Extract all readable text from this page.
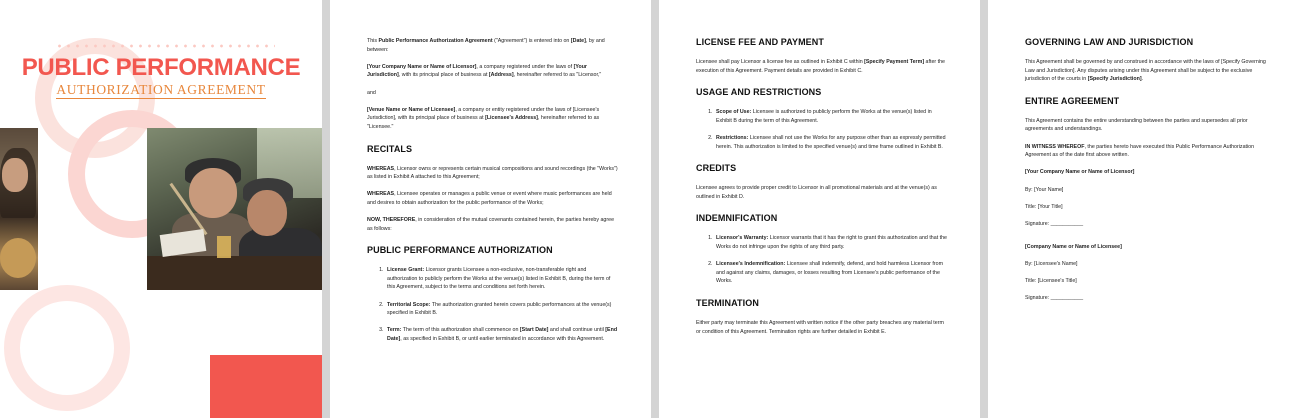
PUBLIC PERFORMANCE
AUTHORIZATION AGREEMENT

This Public Performance Authorization Agreement ("Agreement") is entered into on [Date], by and between:

[Your Company Name or Name of Licensor], a company registered under the laws of [Your Jurisdiction], with its principal place of business at [Address], hereinafter referred to as "Licensor,"

and

[Venue Name or Name of Licensee], a company or entity registered under the laws of [Licensee's Jurisdiction], with its principal place of business at [Licensee's Address], hereinafter referred to as "Licensee."

RECITALS

WHEREAS, Licensor owns or represents certain musical compositions and sound recordings (the "Works") as listed in Exhibit A attached to this Agreement;

WHEREAS, Licensee operates or manages a public venue or event where music performances are held and desires to obtain authorization for the public performance of the Works;

NOW, THEREFORE, in consideration of the mutual covenants contained herein, the parties hereby agree as follows:

PUBLIC PERFORMANCE AUTHORIZATION
1. License Grant: Licensor grants Licensee a non-exclusive, non-transferable right and authorization to publicly perform the Works at the venue(s) listed in Exhibit B, during the term of this Agreement, subject to the terms and conditions set forth herein.
2. Territorial Scope: The authorization granted herein covers public performances at the venue(s) specified in Exhibit B.
3. Term: The term of this authorization shall commence on [Start Date] and shall continue until [End Date], as specified in Exhibit B, or until earlier terminated in accordance with this Agreement.
LICENSE FEE AND PAYMENT

Licensee shall pay Licensor a license fee as outlined in Exhibit C within [Specify Payment Term] after the execution of this Agreement. Payment details are provided in Exhibit C.

USAGE AND RESTRICTIONS
1. Scope of Use: Licensee is authorized to publicly perform the Works at the venue(s) listed in Exhibit B during the term of this Agreement.
2. Restrictions: Licensee shall not use the Works for any purpose other than as expressly permitted herein. This authorization is limited to the specified venue(s) and time frame outlined in Exhibit B.
CREDITS

Licensee agrees to provide proper credit to Licensor in all promotional materials and at the venue(s) as outlined in Exhibit D.

INDEMNIFICATION
1. Licensor's Warranty: Licensor warrants that it has the right to grant this authorization and that the Works do not infringe upon the rights of any third party.
2. Licensee's Indemnification: Licensee shall indemnify, defend, and hold harmless Licensor from and against any claims, damages, or losses resulting from Licensee's public performance of the Works.
TERMINATION

Either party may terminate this Agreement with written notice if the other party breaches any material term or condition of this Agreement. Termination rights are further detailed in Exhibit E.

GOVERNING LAW AND JURISDICTION

This Agreement shall be governed by and construed in accordance with the laws of [Specify Governing Law and Jurisdiction]. Any disputes arising under this Agreement shall be subject to the exclusive jurisdiction of the courts in [Specify Jurisdiction].

ENTIRE AGREEMENT

This Agreement contains the entire understanding between the parties and supersedes all prior agreements and understandings.

IN WITNESS WHEREOF, the parties hereto have executed this Public Performance Authorization Agreement as of the date first above written.

[Your Company Name or Name of Licensor]

By: [Your Name]

Title: [Your Title]

Signature: ___________

[Company Name or Name of Licensee]

By: [Licensee's Name]

Title: [Licensee's Title]

Signature: ___________
